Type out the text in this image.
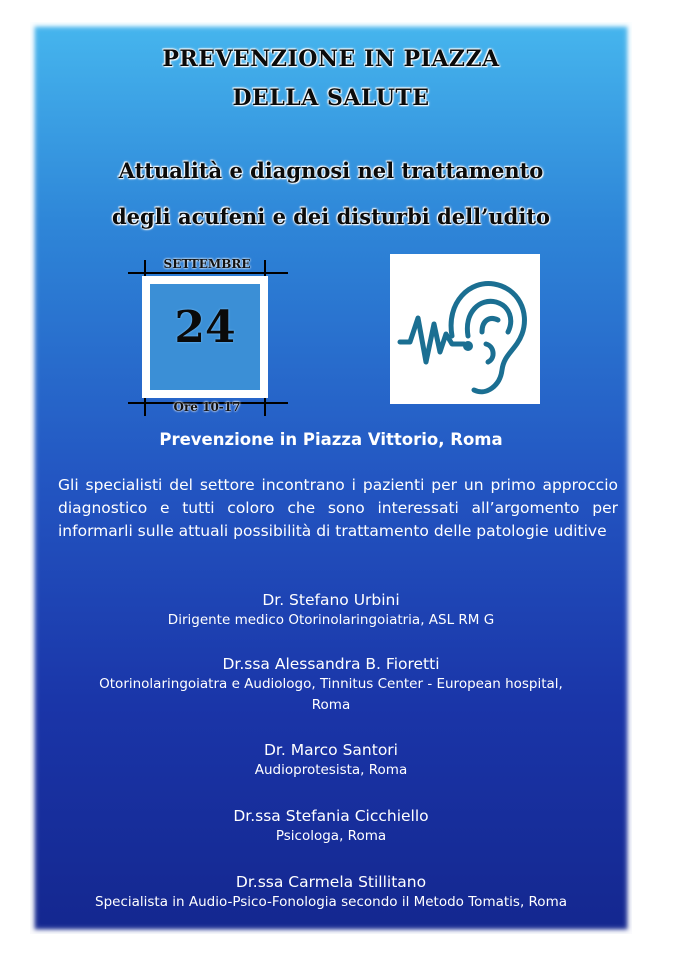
PREVENZIONE IN PIAZZA
DELLA SALUTE
Attualità e diagnosi nel trattamento
degli acufeni e dei disturbi dell’udito
SETTEMBRE
24
Ore 10-17
Prevenzione in Piazza Vittorio, Roma
Gli specialisti del settore incontrano i pazienti per un primo approccio diagnostico e tutti coloro che sono interessati all’argomento per informarli sulle attuali possibilità di trattamento delle patologie uditive
Dr. Stefano Urbini
Dirigente medico Otorinolaringoiatria, ASL RM G
Dr.ssa Alessandra B. Fioretti
Otorinolaringoiatra e Audiologo, Tinnitus Center - European hospital,
Roma
Dr. Marco Santori
Audioprotesista, Roma
Dr.ssa Stefania Cicchiello
Psicologa, Roma
Dr.ssa Carmela Stillitano
Specialista in Audio-Psico-Fonologia secondo il Metodo Tomatis, Roma
